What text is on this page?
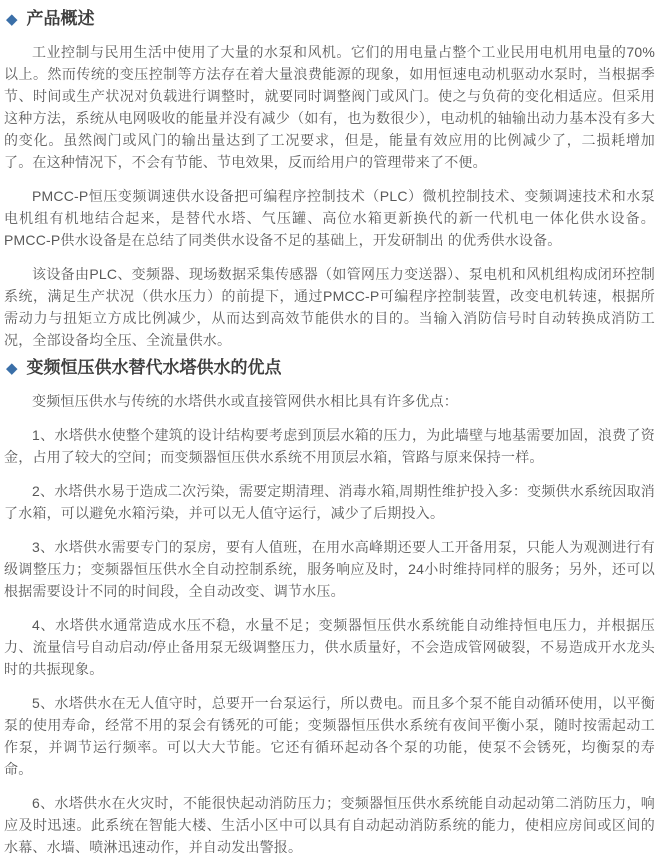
◆ 产品概述

工业控制与民用生活中使用了大量的水泵和风机。它们的用电量占整个工业民用电机用电量的70%以上。然而传统的变压控制等方法存在着大量浪费能源的现象，如用恒速电动机驱动水泵时，当根据季节、时间或生产状况对负载进行调整时，就要同时调整阀门或风门。使之与负荷的变化相适应。但采用这种方法，系统从电网吸收的能量并没有减少（如有，也为数很少），电动机的轴输出动力基本没有多大的变化。虽然阀门或风门的输出量达到了工况要求，但是，能量有效应用的比例减少了，二损耗增加了。在这种情况下，不会有节能、节电效果，反而给用户的管理带来了不便。

PMCC-P恒压变频调速供水设备把可编程序控制技术（PLC）微机控制技术、变频调速技术和水泵电机组有机地结合起来，是替代水塔、气压罐、高位水箱更新换代的新一代机电一体化供水设备。PMCC-P供水设备是在总结了同类供水设备不足的基础上，开发研制出 的优秀供水设备。

该设备由PLC、变频器、现场数据采集传感器（如管网压力变送器）、泵电机和风机组构成闭环控制系统，满足生产状况（供水压力）的前提下，通过PMCC-P可编程序控制装置，改变电机转速，根据所需动力与扭矩立方成比例减少，从而达到高效节能供水的目的。当输入消防信号时自动转换成消防工况，全部设备均全压、全流量供水。

◆ 变频恒压供水替代水塔供水的优点

变频恒压供水与传统的水塔供水或直接管网供水相比具有许多优点：

1、水塔供水使整个建筑的设计结构要考虑到顶层水箱的压力，为此墙壁与地基需要加固，浪费了资金，占用了较大的空间；而变频器恒压供水系统不用顶层水箱，管路与原来保持一样。

2、水塔供水易于造成二次污染，需要定期清理、消毒水箱,周期性维护投入多：变频供水系统因取消了水箱，可以避免水箱污染，并可以无人值守运行，减少了后期投入。

3、水塔供水需要专门的泵房，要有人值班，在用水高峰期还要人工开备用泵，只能人为观测进行有级调整压力；变频器恒压供水全自动控制系统，服务响应及时，24小时维持同样的服务；另外，还可以根据需要设计不同的时间段，全自动改变、调节水压。

4、水塔供水通常造成水压不稳，水量不足；变频器恒压供水系统能自动维持恒电压力，并根据压力、流量信号自动启动/停止备用泵无级调整压力，供水质量好，不会造成管网破裂，不易造成开水龙头时的共振现象。

5、水塔供水在无人值守时，总要开一台泵运行，所以费电。而且多个泵不能自动循环使用，以平衡泵的使用寿命，经常不用的泵会有锈死的可能；变频器恒压供水系统有夜间平衡小泵，随时按需起动工作泵，并调节运行频率。可以大大节能。它还有循环起动各个泵的功能，使泵不会锈死，均衡泵的寿命。

6、水塔供水在火灾时，不能很快起动消防压力；变频器恒压供水系统能自动起动第二消防压力，响应及时迅速。此系统在智能大楼、生活小区中可以具有自动起动消防系统的能力，使相应房间或区间的水幕、水墙、喷淋迅速动作，并自动发出警报。
